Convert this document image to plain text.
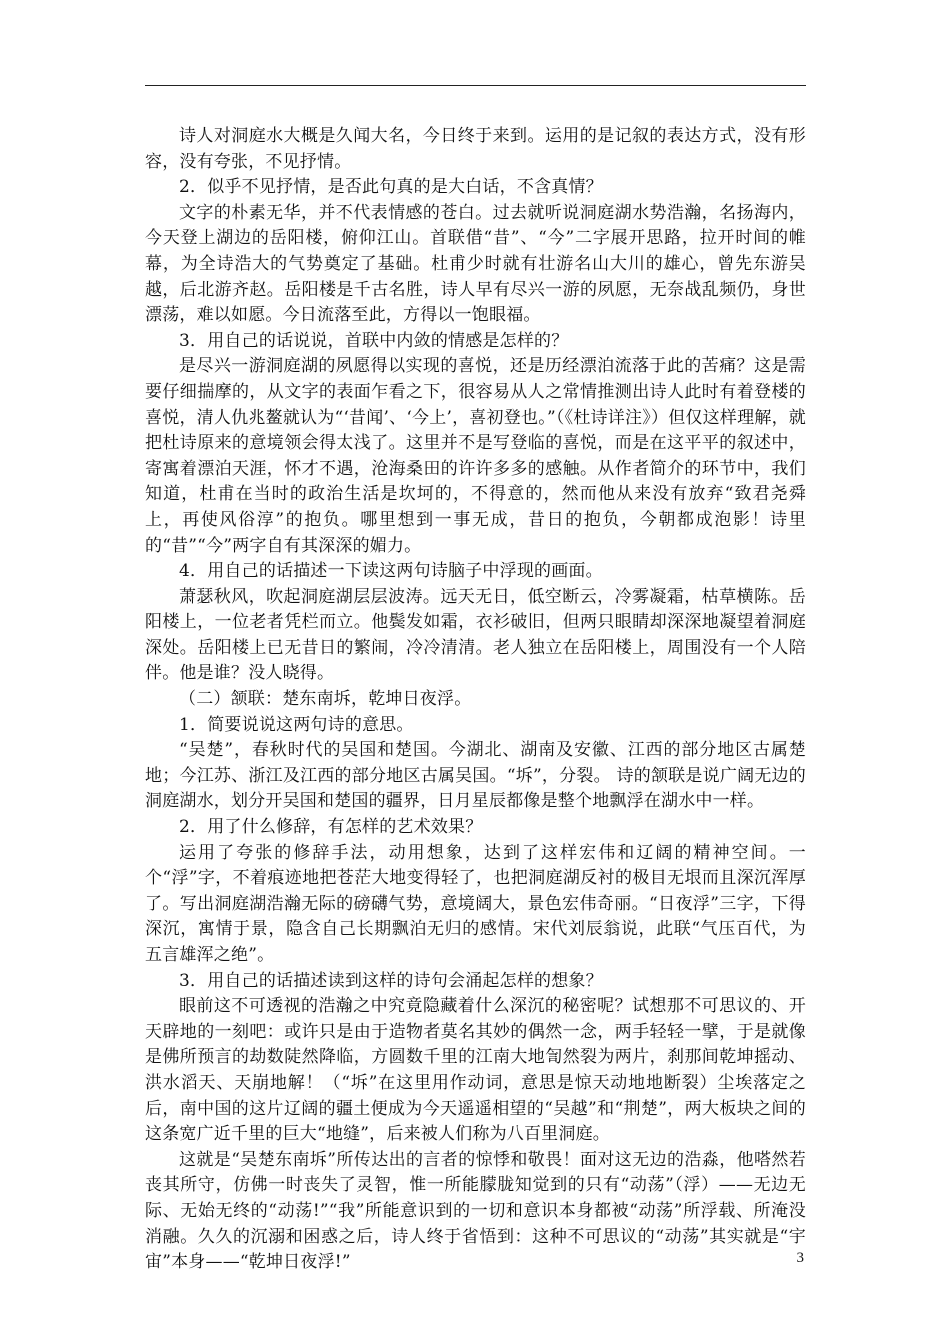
诗人对洞庭水大概是久闻大名，今日终于来到。运用的是记叙的表达方式，没有形容，没有夸张，不见抒情。

2．似乎不见抒情，是否此句真的是大白话，不含真情？

文字的朴素无华，并不代表情感的苍白。过去就听说洞庭湖水势浩瀚，名扬海内，今天登上湖边的岳阳楼，俯仰江山。首联借“昔”、“今”二字展开思路，拉开时间的帷幕，为全诗浩大的气势奠定了基础。杜甫少时就有壮游名山大川的雄心，曾先东游吴越，后北游齐赵。岳阳楼是千古名胜，诗人早有尽兴一游的夙愿，无奈战乱频仍，身世漂荡，难以如愿。今日流落至此，方得以一饱眼福。

3．用自己的话说说，首联中内敛的情感是怎样的？

是尽兴一游洞庭湖的夙愿得以实现的喜悦，还是历经漂泊流落于此的苦痛？这是需要仔细揣摩的，从文字的表面乍看之下，很容易从人之常情推测出诗人此时有着登楼的喜悦，清人仇兆鳌就认为“‘昔闻’、‘今上’，喜初登也。”（《杜诗详注》）但仅这样理解，就把杜诗原来的意境领会得太浅了。这里并不是写登临的喜悦，而是在这平平的叙述中，寄寓着漂泊天涯，怀才不遇，沧海桑田的许许多多的感触。从作者简介的环节中，我们知道，杜甫在当时的政治生活是坎坷的，不得意的，然而他从来没有放弃“致君尧舜上，再使风俗淳”的抱负。哪里想到一事无成，昔日的抱负，今朝都成泡影！诗里的“昔”“今”两字自有其深深的媚力。

4．用自己的话描述一下读这两句诗脑子中浮现的画面。

萧瑟秋风，吹起洞庭湖层层波涛。远天无日，低空断云，冷雾凝霜，枯草横陈。岳阳楼上，一位老者凭栏而立。他鬓发如霜，衣衫破旧，但两只眼睛却深深地凝望着洞庭深处。岳阳楼上已无昔日的繁闹，冷冷清清。老人独立在岳阳楼上，周围没有一个人陪伴。他是谁？没人晓得。

（二）颔联：楚东南坼，乾坤日夜浮。

1．简要说说这两句诗的意思。

“吴楚”，春秋时代的吴国和楚国。今湖北、湖南及安徽、江西的部分地区古属楚地；今江苏、浙江及江西的部分地区古属吴国。“坼”，分裂。 诗的颔联是说广阔无边的洞庭湖水，划分开吴国和楚国的疆界，日月星辰都像是整个地飘浮在湖水中一样。

2．用了什么修辞，有怎样的艺术效果？

运用了夸张的修辞手法，动用想象，达到了这样宏伟和辽阔的精神空间。一个“浮”字，不着痕迹地把苍茫大地变得轻了，也把洞庭湖反衬的极目无垠而且深沉浑厚了。写出洞庭湖浩瀚无际的磅礴气势，意境阔大，景色宏伟奇丽。“日夜浮”三字，下得深沉，寓情于景，隐含自己长期飘泊无归的感情。宋代刘辰翁说，此联“气压百代，为五言雄浑之绝”。

3．用自己的话描述读到这样的诗句会涌起怎样的想象？

眼前这不可透视的浩瀚之中究竟隐藏着什么深沉的秘密呢？试想那不可思议的、开天辟地的一刻吧：或许只是由于造物者莫名其妙的偶然一念，两手轻轻一擘，于是就像是佛所预言的劫数陡然降临，方圆数千里的江南大地訇然裂为两片，刹那间乾坤摇动、洪水滔天、天崩地解！（“坼”在这里用作动词，意思是惊天动地地断裂）尘埃落定之后，南中国的这片辽阔的疆土便成为今天遥遥相望的“吴越”和“荆楚”，两大板块之间的这条宽广近千里的巨大“地缝”，后来被人们称为八百里洞庭。

这就是“吴楚东南坼”所传达出的言者的惊悸和敬畏！面对这无边的浩淼，他嗒然若丧其所守，仿佛一时丧失了灵智，惟一所能朦胧知觉到的只有“动荡”（浮）——无边无际、无始无终的“动荡!”“我”所能意识到的一切和意识本身都被“动荡”所浮载、所淹没消融。久久的沉溺和困惑之后，诗人终于省悟到：这种不可思议的“动荡”其实就是“宇宙”本身——“乾坤日夜浮!”	3
